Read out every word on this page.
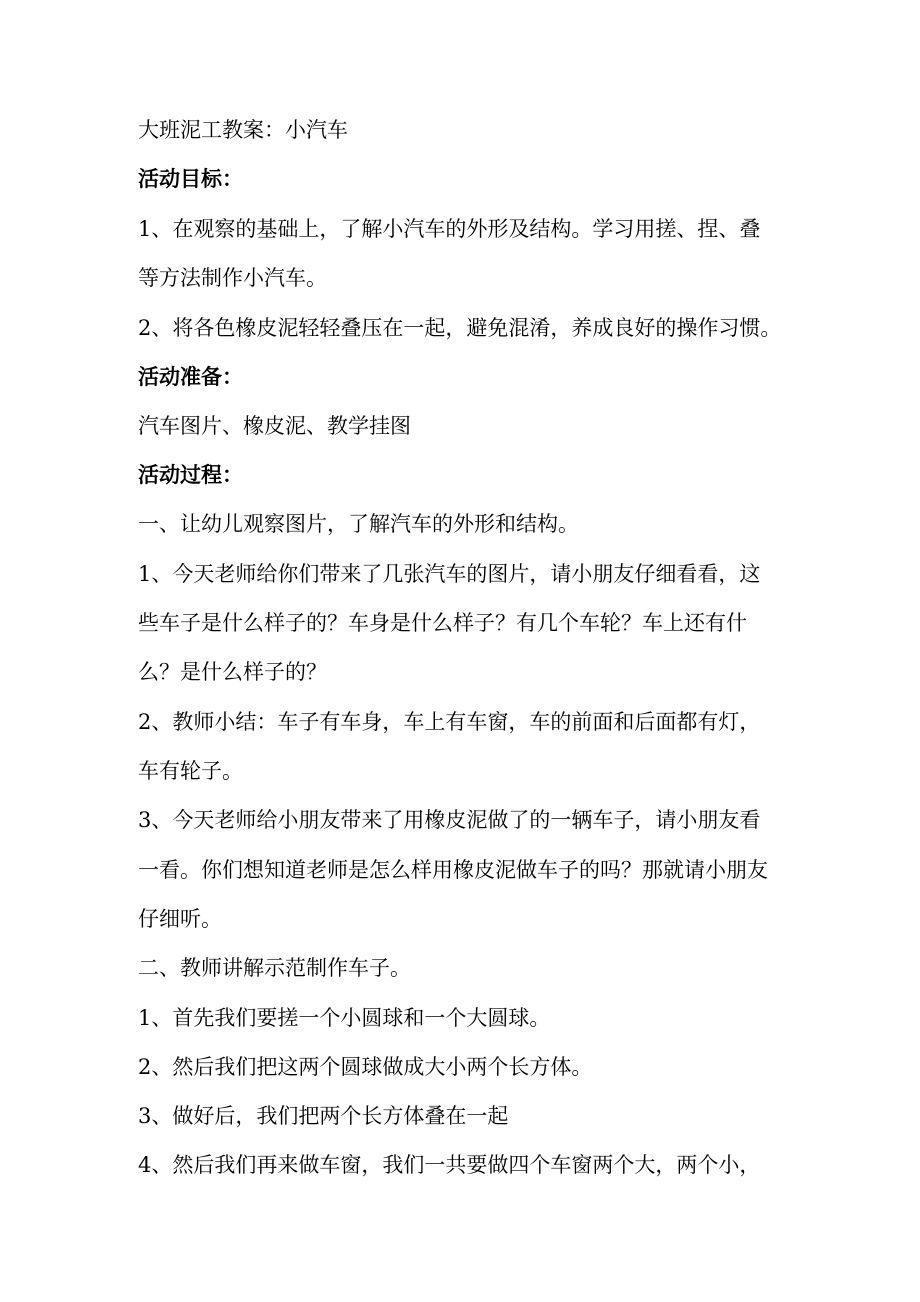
大班泥工教案：小汽车
活动目标：
1、在观察的基础上，了解小汽车的外形及结构。学习用搓、捏、叠
等方法制作小汽车。
2、将各色橡皮泥轻轻叠压在一起，避免混淆，养成良好的操作习惯。
活动准备：
汽车图片、橡皮泥、教学挂图
活动过程：
一、让幼儿观察图片，了解汽车的外形和结构。
1、今天老师给你们带来了几张汽车的图片，请小朋友仔细看看，这
些车子是什么样子的？车身是什么样子？有几个车轮？车上还有什
么？是什么样子的？
2、教师小结：车子有车身，车上有车窗，车的前面和后面都有灯，
车有轮子。
3、今天老师给小朋友带来了用橡皮泥做了的一辆车子，请小朋友看
一看。你们想知道老师是怎么样用橡皮泥做车子的吗？那就请小朋友
仔细听。
二、教师讲解示范制作车子。
1、首先我们要搓一个小圆球和一个大圆球。
2、然后我们把这两个圆球做成大小两个长方体。
3、做好后，我们把两个长方体叠在一起
4、然后我们再来做车窗，我们一共要做四个车窗两个大，两个小，
